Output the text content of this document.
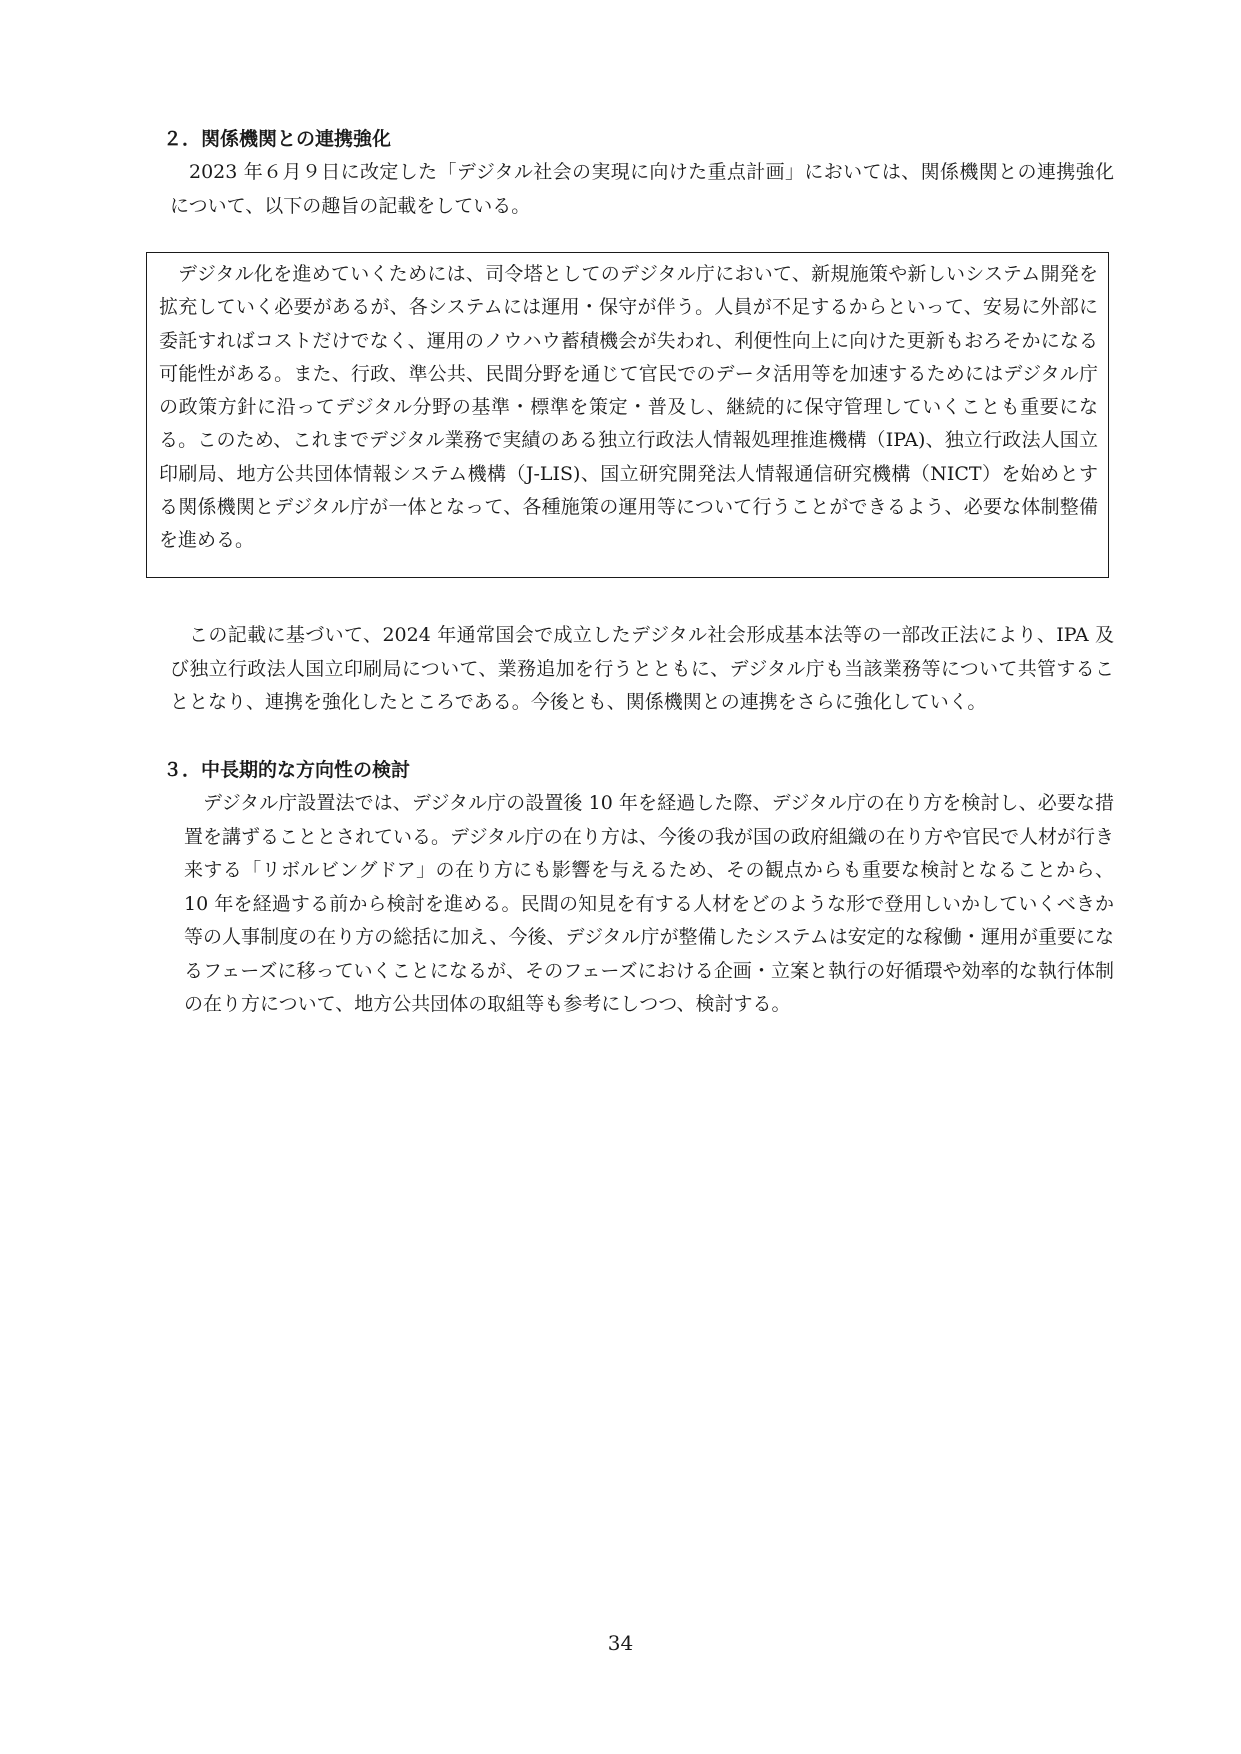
２．関係機関との連携強化

2023 年６月９日に改定した「デジタル社会の実現に向けた重点計画」においては、関係機関との連携強化について、以下の趣旨の記載をしている。

デジタル化を進めていくためには、司令塔としてのデジタル庁において、新規施策や新しいシステム開発を拡充していく必要があるが、各システムには運用・保守が伴う。人員が不足するからといって、安易に外部に委託すればコストだけでなく、運用のノウハウ蓄積機会が失われ、利便性向上に向けた更新もおろそかになる可能性がある。また、行政、準公共、民間分野を通じて官民でのデータ活用等を加速するためにはデジタル庁の政策方針に沿ってデジタル分野の基準・標準を策定・普及し、継続的に保守管理していくことも重要になる。このため、これまでデジタル業務で実績のある独立行政法人情報処理推進機構（IPA)、独立行政法人国立印刷局、地方公共団体情報システム機構（J-LIS)、国立研究開発法人情報通信研究機構（NICT）を始めとする関係機関とデジタル庁が一体となって、各種施策の運用等について行うことができるよう、必要な体制整備を進める。

この記載に基づいて、2024 年通常国会で成立したデジタル社会形成基本法等の一部改正法により、IPA 及び独立行政法人国立印刷局について、業務追加を行うとともに、デジタル庁も当該業務等について共管することとなり、連携を強化したところである。今後とも、関係機関との連携をさらに強化していく。

３．中長期的な方向性の検討

デジタル庁設置法では、デジタル庁の設置後 10 年を経過した際、デジタル庁の在り方を検討し、必要な措置を講ずることとされている。デジタル庁の在り方は、今後の我が国の政府組織の在り方や官民で人材が行き来する「リボルビングドア」の在り方にも影響を与えるため、その観点からも重要な検討となることから、10 年を経過する前から検討を進める。民間の知見を有する人材をどのような形で登用しいかしていくべきか等の人事制度の在り方の総括に加え、今後、デジタル庁が整備したシステムは安定的な稼働・運用が重要になるフェーズに移っていくことになるが、そのフェーズにおける企画・立案と執行の好循環や効率的な執行体制の在り方について、地方公共団体の取組等も参考にしつつ、検討する。

34
